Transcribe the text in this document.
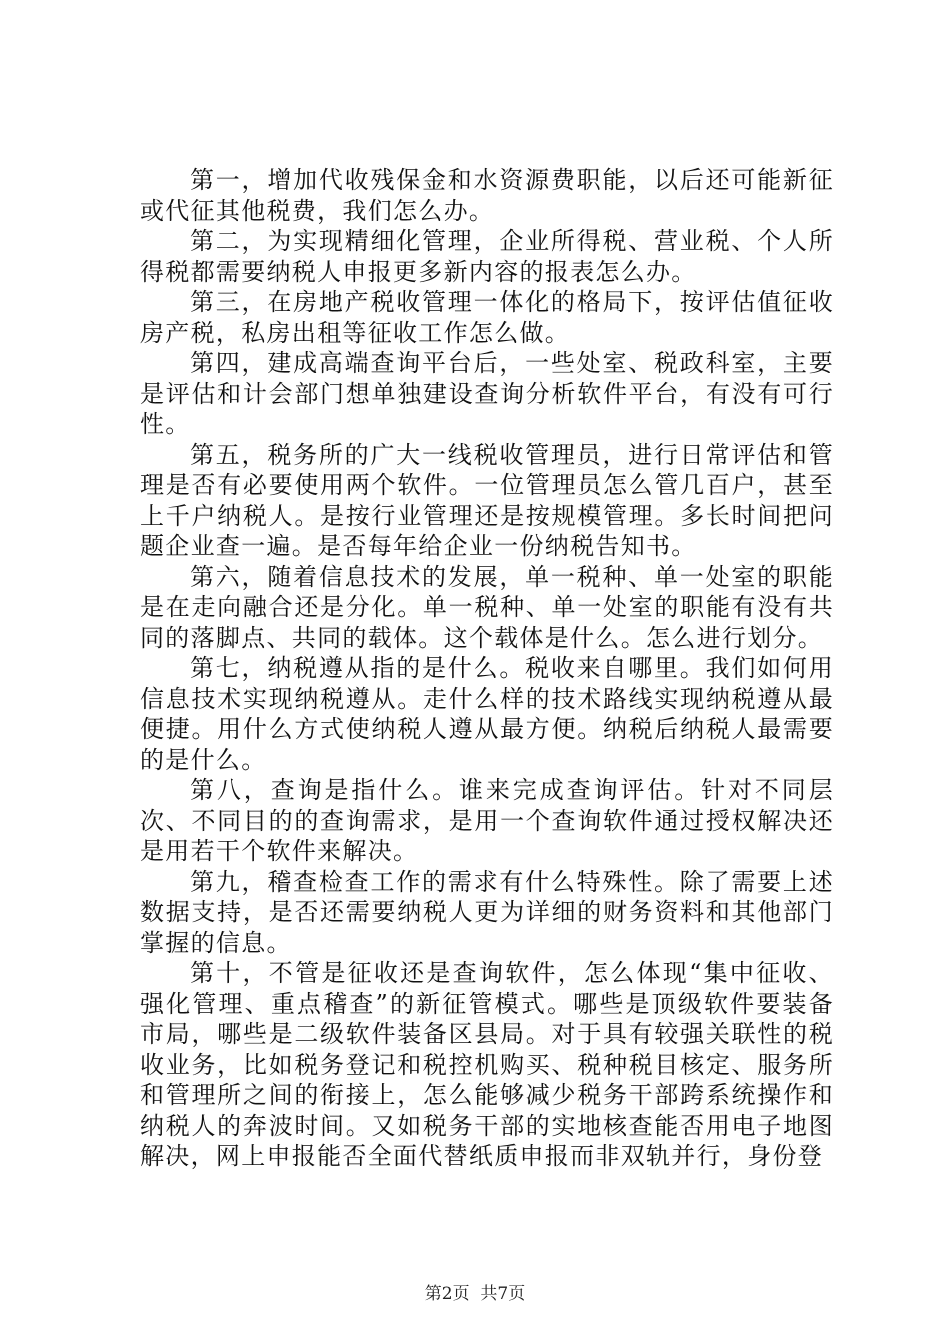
第一，增加代收残保金和水资源费职能，以后还可能新征或代征其他税费，我们怎么办。

第二，为实现精细化管理，企业所得税、营业税、个人所得税都需要纳税人申报更多新内容的报表怎么办。

第三，在房地产税收管理一体化的格局下，按评估值征收房产税，私房出租等征收工作怎么做。

第四，建成高端查询平台后，一些处室、税政科室，主要是评估和计会部门想单独建设查询分析软件平台，有没有可行性。

第五，税务所的广大一线税收管理员，进行日常评估和管理是否有必要使用两个软件。一位管理员怎么管几百户，甚至上千户纳税人。是按行业管理还是按规模管理。多长时间把问题企业查一遍。是否每年给企业一份纳税告知书。

第六，随着信息技术的发展，单一税种、单一处室的职能是在走向融合还是分化。单一税种、单一处室的职能有没有共同的落脚点、共同的载体。这个载体是什么。怎么进行划分。

第七，纳税遵从指的是什么。税收来自哪里。我们如何用信息技术实现纳税遵从。走什么样的技术路线实现纳税遵从最便捷。用什么方式使纳税人遵从最方便。纳税后纳税人最需要的是什么。

第八，查询是指什么。谁来完成查询评估。针对不同层次、不同目的的查询需求，是用一个查询软件通过授权解决还是用若干个软件来解决。

第九，稽查检查工作的需求有什么特殊性。除了需要上述数据支持，是否还需要纳税人更为详细的财务资料和其他部门掌握的信息。

第十，不管是征收还是查询软件，怎么体现“集中征收、强化管理、重点稽查”的新征管模式。哪些是顶级软件要装备市局，哪些是二级软件装备区县局。对于具有较强关联性的税收业务，比如税务登记和税控机购买、税种税目核定、服务所和管理所之间的衔接上，怎么能够减少税务干部跨系统操作和纳税人的奔波时间。又如税务干部的实地核查能否用电子地图解决，网上申报能否全面代替纸质申报而非双轨并行，身份登

第2页 共7页
